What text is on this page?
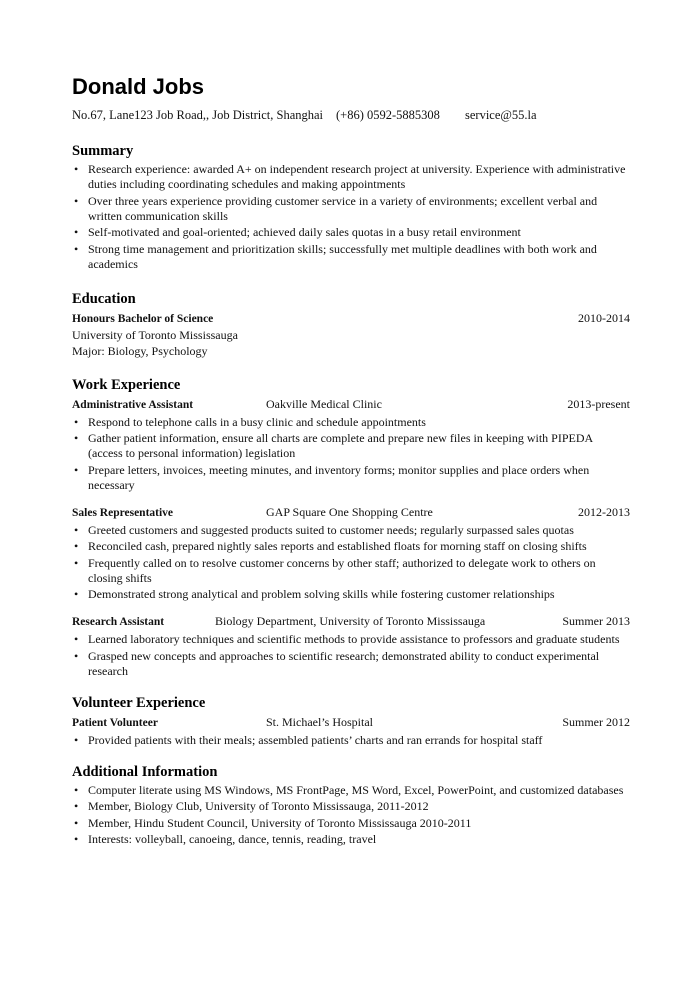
Donald Jobs
No.67, Lane123 Job Road,, Job District, Shanghai (+86) 0592-5885308 service@55.la
Summary
• Research experience: awarded A+ on independent research project at university. Experience with administrative duties including coordinating schedules and making appointments
• Over three years experience providing customer service in a variety of environments; excellent verbal and written communication skills
• Self-motivated and goal-oriented; achieved daily sales quotas in a busy retail environment
• Strong time management and prioritization skills; successfully met multiple deadlines with both work and academics
Education
Honours Bachelor of Science	2010-2014
University of Toronto Mississauga
Major: Biology, Psychology
Work Experience
Administrative Assistant	Oakville Medical Clinic	2013-present
• Respond to telephone calls in a busy clinic and schedule appointments
• Gather patient information, ensure all charts are complete and prepare new files in keeping with PIPEDA (access to personal information) legislation
• Prepare letters, invoices, meeting minutes, and inventory forms; monitor supplies and place orders when necessary
Sales Representative	GAP Square One Shopping Centre	2012-2013
• Greeted customers and suggested products suited to customer needs; regularly surpassed sales quotas
• Reconciled cash, prepared nightly sales reports and established floats for morning staff on closing shifts
• Frequently called on to resolve customer concerns by other staff; authorized to delegate work to others on closing shifts
• Demonstrated strong analytical and problem solving skills while fostering customer relationships
Research Assistant	Biology Department, University of Toronto Mississauga	Summer 2013
• Learned laboratory techniques and scientific methods to provide assistance to professors and graduate students
• Grasped new concepts and approaches to scientific research; demonstrated ability to conduct experimental research
Volunteer Experience
Patient Volunteer	St. Michael’s Hospital	Summer 2012
• Provided patients with their meals; assembled patients’ charts and ran errands for hospital staff
Additional Information
• Computer literate using MS Windows, MS FrontPage, MS Word, Excel, PowerPoint, and customized databases
• Member, Biology Club, University of Toronto Mississauga, 2011-2012
• Member, Hindu Student Council, University of Toronto Mississauga 2010-2011
• Interests: volleyball, canoeing, dance, tennis, reading, travel
